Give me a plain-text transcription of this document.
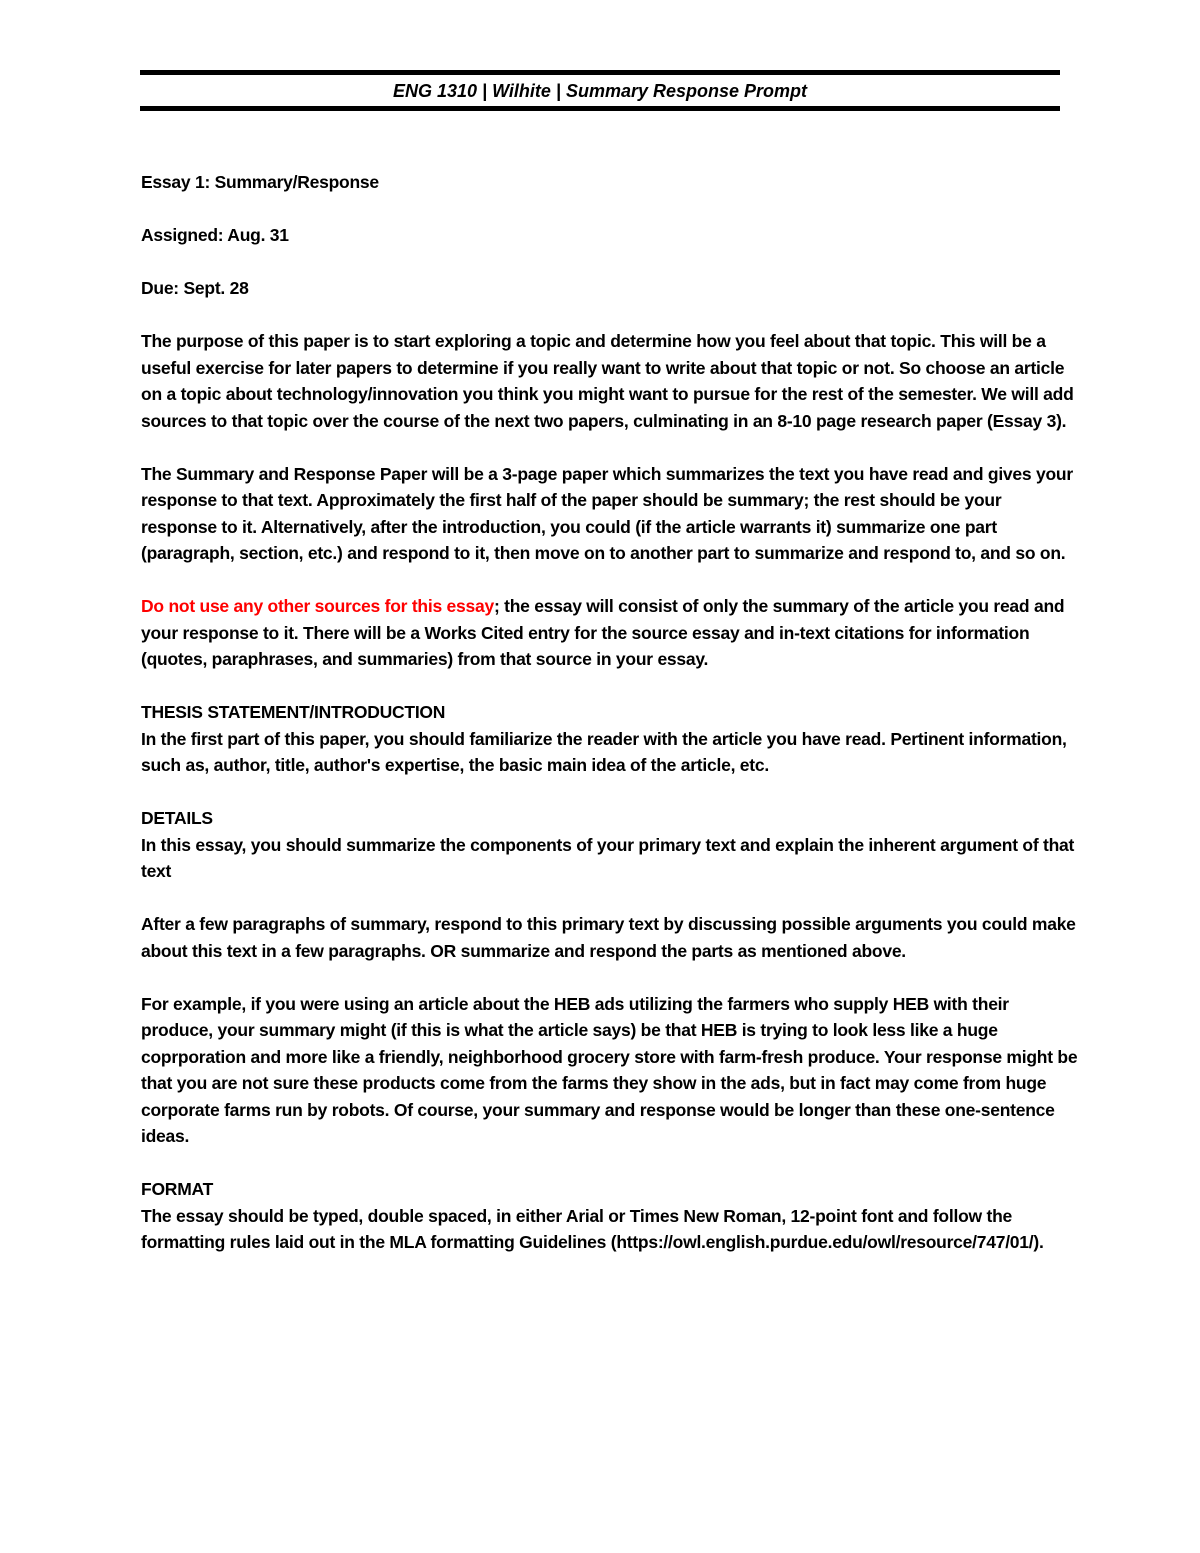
ENG 1310 | Wilhite | Summary Response Prompt

Essay 1: Summary/Response

Assigned: Aug. 31

Due: Sept. 28

The purpose of this paper is to start exploring a topic and determine how you feel about that topic. This will be a useful exercise for later papers to determine if you really want to write about that topic or not. So choose an article on a topic about technology/innovation you think you might want to pursue for the rest of the semester. We will add sources to that topic over the course of the next two papers, culminating in an 8-10 page research paper (Essay 3).

The Summary and Response Paper will be a 3-page paper which summarizes the text you have read and gives your response to that text. Approximately the first half of the paper should be summary; the rest should be your response to it. Alternatively, after the introduction, you could (if the article warrants it) summarize one part (paragraph, section, etc.) and respond to it, then move on to another part to summarize and respond to, and so on.

Do not use any other sources for this essay; the essay will consist of only the summary of the article you read and your response to it. There will be a Works Cited entry for the source essay and in-text citations for information (quotes, paraphrases, and summaries) from that source in your essay.

THESIS STATEMENT/INTRODUCTION
In the first part of this paper, you should familiarize the reader with the article you have read. Pertinent information, such as, author, title, author's expertise, the basic main idea of the article, etc.

DETAILS
In this essay, you should summarize the components of your primary text and explain the inherent argument of that text

After a few paragraphs of summary, respond to this primary text by discussing possible arguments you could make about this text in a few paragraphs. OR summarize and respond the parts as mentioned above.

For example, if you were using an article about the HEB ads utilizing the farmers who supply HEB with their produce, your summary might (if this is what the article says) be that HEB is trying to look less like a huge coprporation and more like a friendly, neighborhood grocery store with farm-fresh produce. Your response might be that you are not sure these products come from the farms they show in the ads, but in fact may come from huge corporate farms run by robots. Of course, your summary and response would be longer than these one-sentence ideas.

FORMAT
The essay should be typed, double spaced, in either Arial or Times New Roman, 12-point font and follow the formatting rules laid out in the MLA formatting Guidelines (https://owl.english.purdue.edu/owl/resource/747/01/).
